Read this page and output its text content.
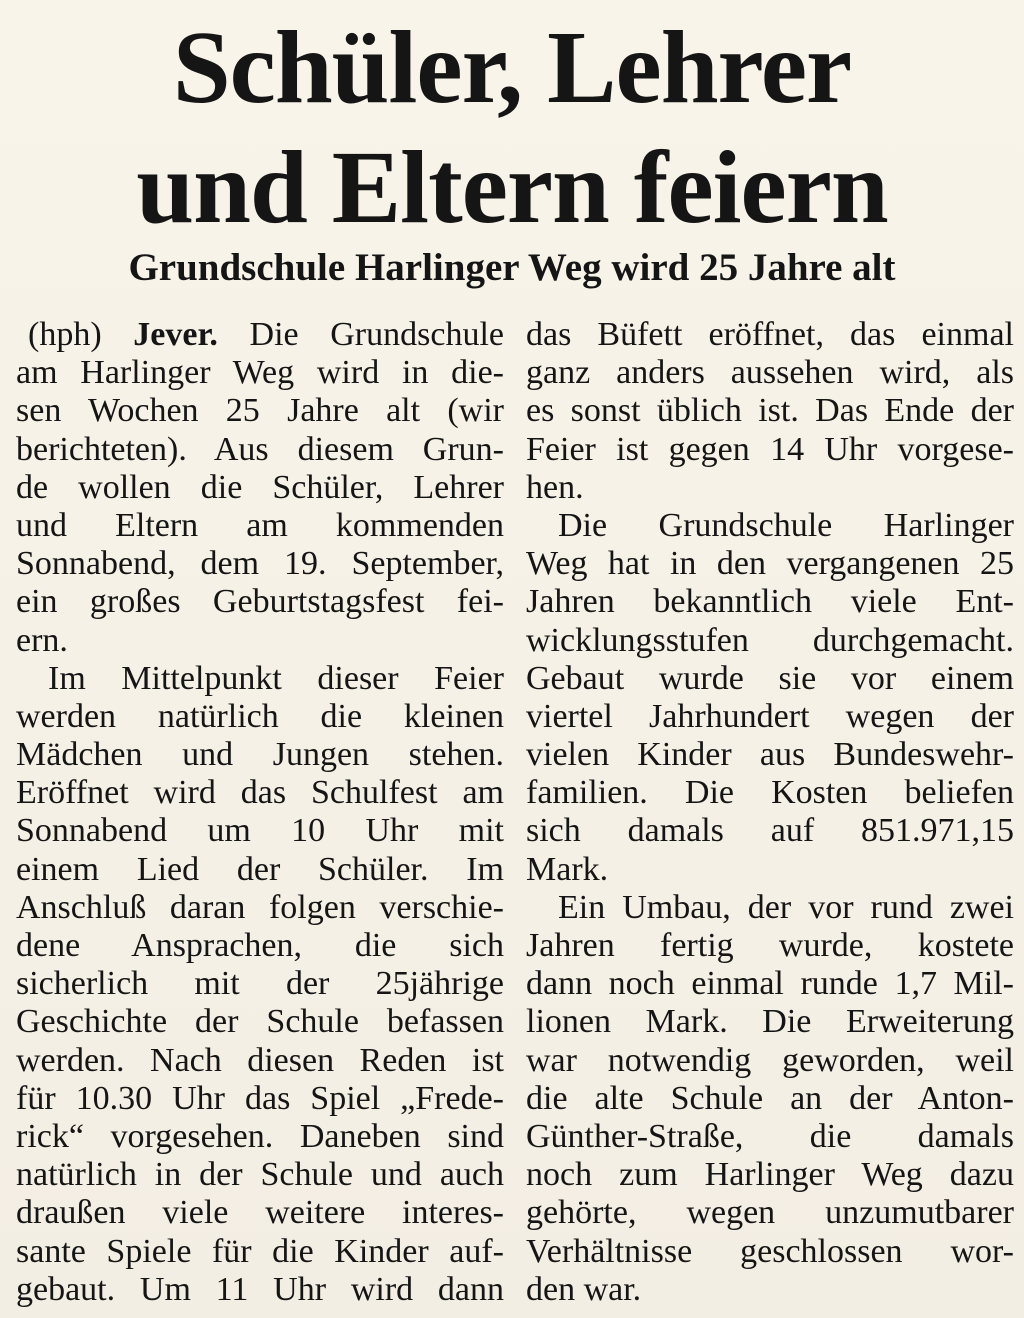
Schüler, Lehrer
und Eltern feiern
Grundschule Harlinger Weg wird 25 Jahre alt
(hph) Jever. Die Grundschule
am Harlinger Weg wird in die-
sen Wochen 25 Jahre alt (wir
berichteten). Aus diesem Grun-
de wollen die Schüler, Lehrer
und Eltern am kommenden
Sonnabend, dem 19. September,
ein großes Geburtstagsfest fei-
ern.
Im Mittelpunkt dieser Feier
werden natürlich die kleinen
Mädchen und Jungen stehen.
Eröffnet wird das Schulfest am
Sonnabend um 10 Uhr mit
einem Lied der Schüler. Im
Anschluß daran folgen verschie-
dene Ansprachen, die sich
sicherlich mit der 25jährige
Geschichte der Schule befassen
werden. Nach diesen Reden ist
für 10.30 Uhr das Spiel „Frede-
rick“ vorgesehen. Daneben sind
natürlich in der Schule und auch
draußen viele weitere interes-
sante Spiele für die Kinder auf-
gebaut. Um 11 Uhr wird dann
das Büfett eröffnet, das einmal
ganz anders aussehen wird, als
es sonst üblich ist. Das Ende der
Feier ist gegen 14 Uhr vorgese-
hen.
Die Grundschule Harlinger
Weg hat in den vergangenen 25
Jahren bekanntlich viele Ent-
wicklungsstufen durchgemacht.
Gebaut wurde sie vor einem
viertel Jahrhundert wegen der
vielen Kinder aus Bundeswehr-
familien. Die Kosten beliefen
sich damals auf 851.971,15
Mark.
Ein Umbau, der vor rund zwei
Jahren fertig wurde, kostete
dann noch einmal runde 1,7 Mil-
lionen Mark. Die Erweiterung
war notwendig geworden, weil
die alte Schule an der Anton-
Günther-Straße, die damals
noch zum Harlinger Weg dazu
gehörte, wegen unzumutbarer
Verhältnisse geschlossen wor-
den war.
